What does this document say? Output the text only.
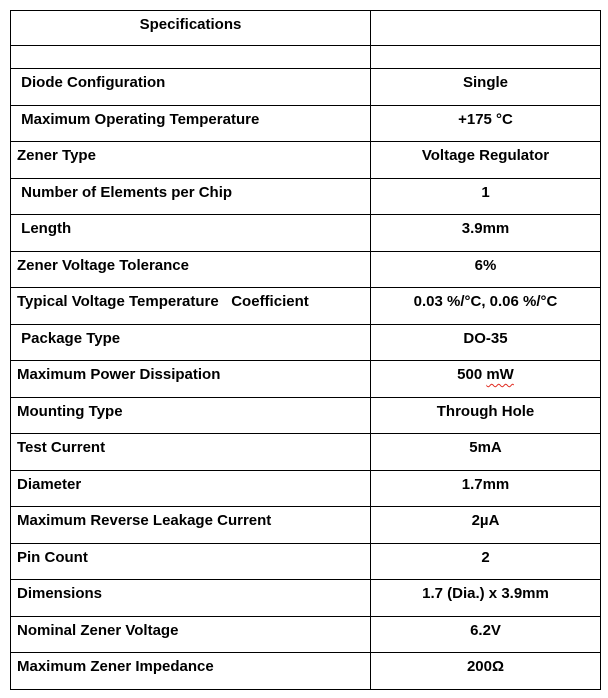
Specifications	

Diode Configuration	Single
Maximum Operating Temperature	+175 °C
Zener Type	Voltage Regulator
Number of Elements per Chip	1
Length	3.9mm
Zener Voltage Tolerance	6%
Typical Voltage Temperature   Coefficient	0.03 %/°C, 0.06 %/°C
Package Type	DO-35
Maximum Power Dissipation	500 mW
Mounting Type	Through Hole
Test Current	5mA
Diameter	1.7mm
Maximum Reverse Leakage Current	2µA
Pin Count	2
Dimensions	1.7 (Dia.) x 3.9mm
Nominal Zener Voltage	6.2V
Maximum Zener Impedance	200Ω
